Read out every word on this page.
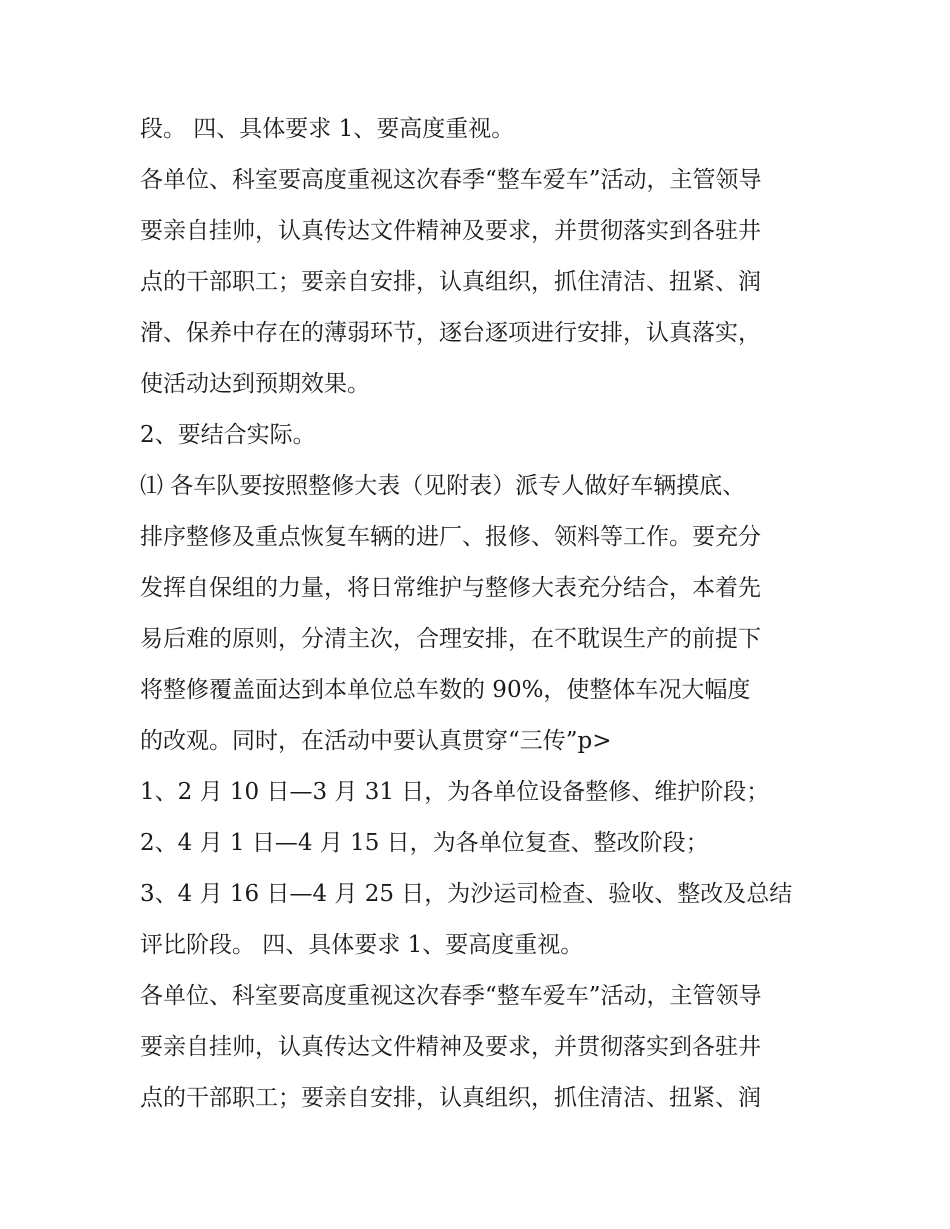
段。 四、具体要求 1、要高度重视。
各单位、科室要高度重视这次春季“整车爱车”活动，主管领导
要亲自挂帅，认真传达文件精神及要求，并贯彻落实到各驻井
点的干部职工；要亲自安排，认真组织，抓住清洁、扭紧、润
滑、保养中存在的薄弱环节，逐台逐项进行安排，认真落实，
使活动达到预期效果。
2、要结合实际。
⑴ 各车队要按照整修大表（见附表）派专人做好车辆摸底、
排序整修及重点恢复车辆的进厂、报修、领料等工作。要充分
发挥自保组的力量，将日常维护与整修大表充分结合，本着先
易后难的原则，分清主次，合理安排，在不耽误生产的前提下
将整修覆盖面达到本单位总车数的 90%，使整体车况大幅度
的改观。同时，在活动中要认真贯穿“三传”p>
1、2 月 10 日—3 月 31 日，为各单位设备整修、维护阶段；
2、4 月 1 日—4 月 15 日，为各单位复查、整改阶段；
3、4 月 16 日—4 月 25 日，为沙运司检查、验收、整改及总结
评比阶段。 四、具体要求 1、要高度重视。
各单位、科室要高度重视这次春季“整车爱车”活动，主管领导
要亲自挂帅，认真传达文件精神及要求，并贯彻落实到各驻井
点的干部职工；要亲自安排，认真组织，抓住清洁、扭紧、润
